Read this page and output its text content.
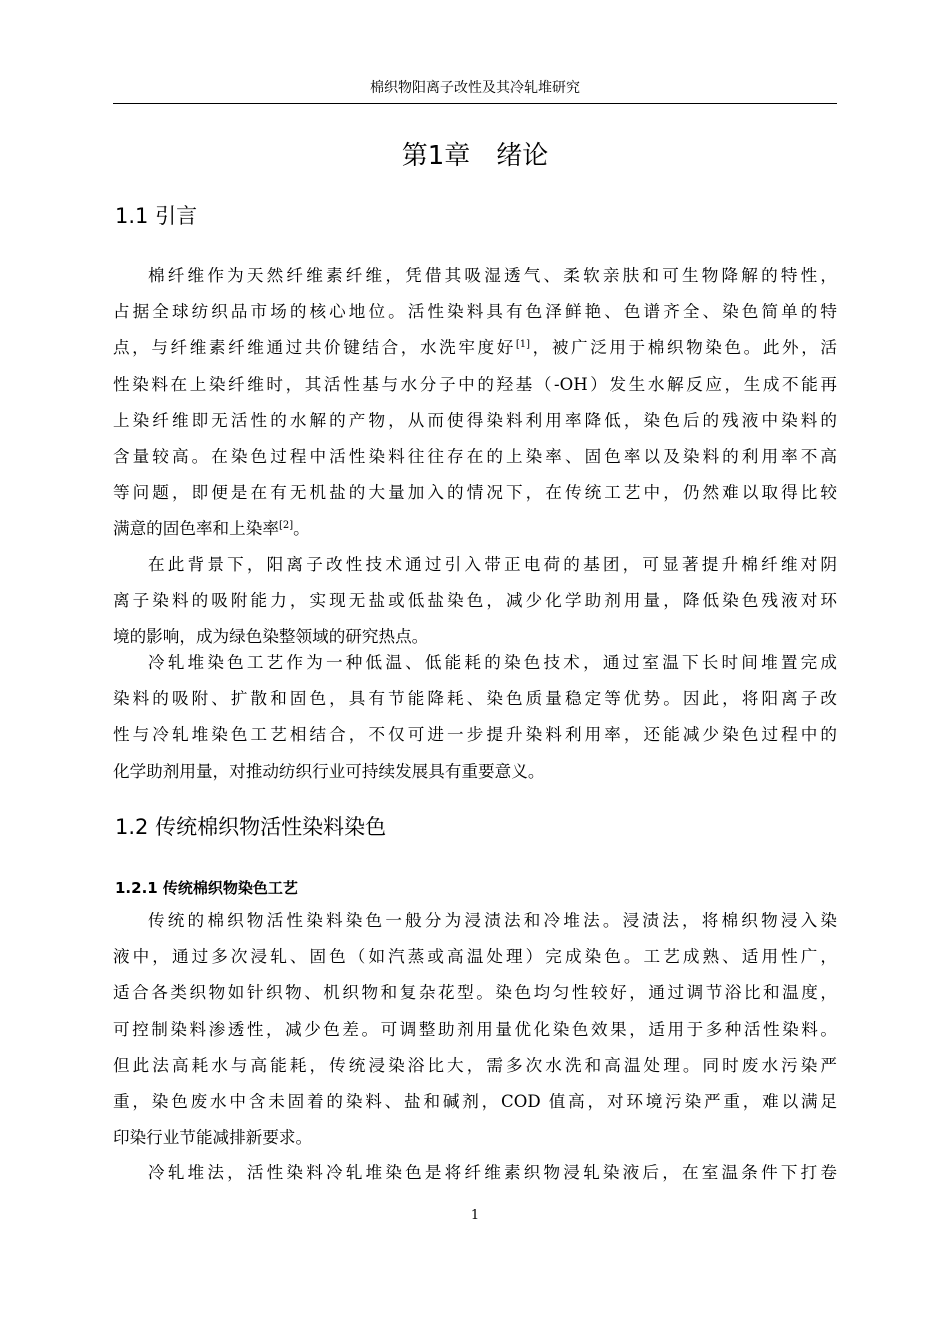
棉织物阳离子改性及其冷轧堆研究
第1章　绪论
1.1 引言
棉纤维作为天然纤维素纤维，凭借其吸湿透气、柔软亲肤和可生物降解的特性，
占据全球纺织品市场的核心地位。活性染料具有色泽鲜艳、色谱齐全、染色简单的特
点，与纤维素纤维通过共价键结合，水洗牢度好[1]，被广泛用于棉织物染色。此外，活
性染料在上染纤维时，其活性基与水分子中的羟基（-OH）发生水解反应，生成不能再
上染纤维即无活性的水解的产物，从而使得染料利用率降低，染色后的残液中染料的
含量较高。在染色过程中活性染料往往存在的上染率、固色率以及染料的利用率不高
等问题，即便是在有无机盐的大量加入的情况下，在传统工艺中，仍然难以取得比较
满意的固色率和上染率[2]。
在此背景下，阳离子改性技术通过引入带正电荷的基团，可显著提升棉纤维对阴
离子染料的吸附能力，实现无盐或低盐染色，减少化学助剂用量，降低染色残液对环
境的影响，成为绿色染整领域的研究热点。
冷轧堆染色工艺作为一种低温、低能耗的染色技术，通过室温下长时间堆置完成
染料的吸附、扩散和固色，具有节能降耗、染色质量稳定等优势。因此，将阳离子改
性与冷轧堆染色工艺相结合，不仅可进一步提升染料利用率，还能减少染色过程中的
化学助剂用量，对推动纺织行业可持续发展具有重要意义。
1.2 传统棉织物活性染料染色
1.2.1 传统棉织物染色工艺
传统的棉织物活性染料染色一般分为浸渍法和冷堆法。浸渍法，将棉织物浸入染
液中，通过多次浸轧、固色（如汽蒸或高温处理）完成染色。工艺成熟、适用性广，
适合各类织物如针织物、机织物和复杂花型。染色均匀性较好，通过调节浴比和温度，
可控制染料渗透性，减少色差。可调整助剂用量优化染色效果，适用于多种活性染料。
但此法高耗水与高能耗，传统浸染浴比大，需多次水洗和高温处理。同时废水污染严
重，染色废水中含未固着的染料、盐和碱剂，COD 值高，对环境污染严重，难以满足
印染行业节能减排新要求。
冷轧堆法，活性染料冷轧堆染色是将纤维素织物浸轧染液后，在室温条件下打卷
1
